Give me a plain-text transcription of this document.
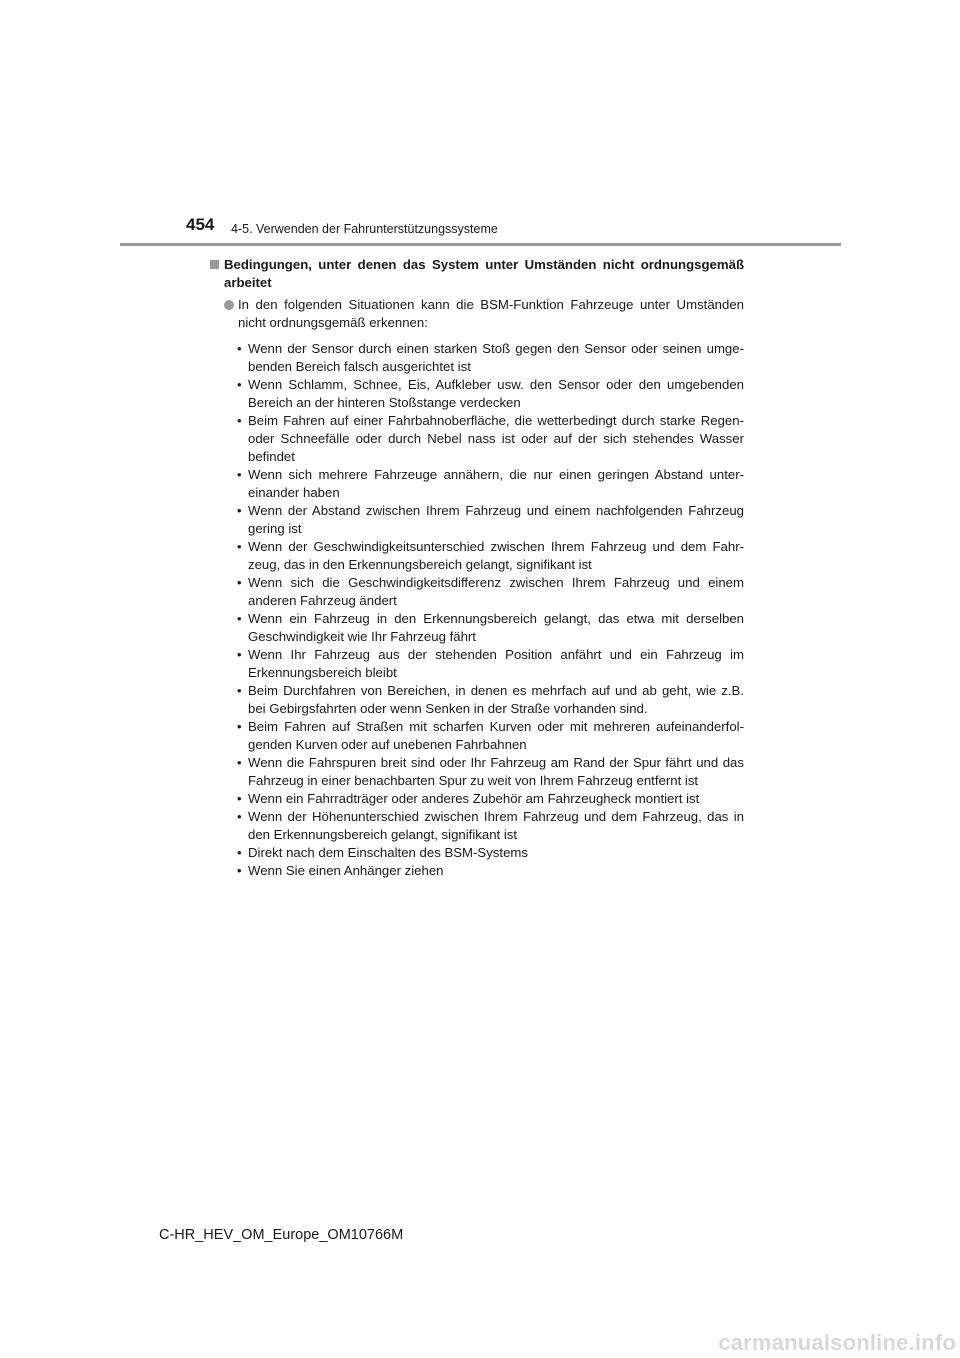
454 4-5. Verwenden der Fahrunterstützungssysteme

Bedingungen, unter denen das System unter Umständen nicht ordnungsgemäß arbeitet

In den folgenden Situationen kann die BSM-Funktion Fahrzeuge unter Umständen nicht ordnungsgemäß erkennen:
• Wenn der Sensor durch einen starken Stoß gegen den Sensor oder seinen umge-benden Bereich falsch ausgerichtet ist
• Wenn Schlamm, Schnee, Eis, Aufkleber usw. den Sensor oder den umgebenden Bereich an der hinteren Stoßstange verdecken
• Beim Fahren auf einer Fahrbahnoberfläche, die wetterbedingt durch starke Regen- oder Schneefälle oder durch Nebel nass ist oder auf der sich stehendes Wasser befindet
• Wenn sich mehrere Fahrzeuge annähern, die nur einen geringen Abstand unter-einander haben
• Wenn der Abstand zwischen Ihrem Fahrzeug und einem nachfolgenden Fahrzeug gering ist
• Wenn der Geschwindigkeitsunterschied zwischen Ihrem Fahrzeug und dem Fahr-zeug, das in den Erkennungsbereich gelangt, signifikant ist
• Wenn sich die Geschwindigkeitsdifferenz zwischen Ihrem Fahrzeug und einem anderen Fahrzeug ändert
• Wenn ein Fahrzeug in den Erkennungsbereich gelangt, das etwa mit derselben Geschwindigkeit wie Ihr Fahrzeug fährt
• Wenn Ihr Fahrzeug aus der stehenden Position anfährt und ein Fahrzeug im Erkennungsbereich bleibt
• Beim Durchfahren von Bereichen, in denen es mehrfach auf und ab geht, wie z.B. bei Gebirgsfahrten oder wenn Senken in der Straße vorhanden sind.
• Beim Fahren auf Straßen mit scharfen Kurven oder mit mehreren aufeinanderfol-genden Kurven oder auf unebenen Fahrbahnen
• Wenn die Fahrspuren breit sind oder Ihr Fahrzeug am Rand der Spur fährt und das Fahrzeug in einer benachbarten Spur zu weit von Ihrem Fahrzeug entfernt ist
• Wenn ein Fahrradträger oder anderes Zubehör am Fahrzeugheck montiert ist
• Wenn der Höhenunterschied zwischen Ihrem Fahrzeug und dem Fahrzeug, das in den Erkennungsbereich gelangt, signifikant ist
• Direkt nach dem Einschalten des BSM-Systems
• Wenn Sie einen Anhänger ziehen
C-HR_HEV_OM_Europe_OM10766M
carmanualsonline.info
